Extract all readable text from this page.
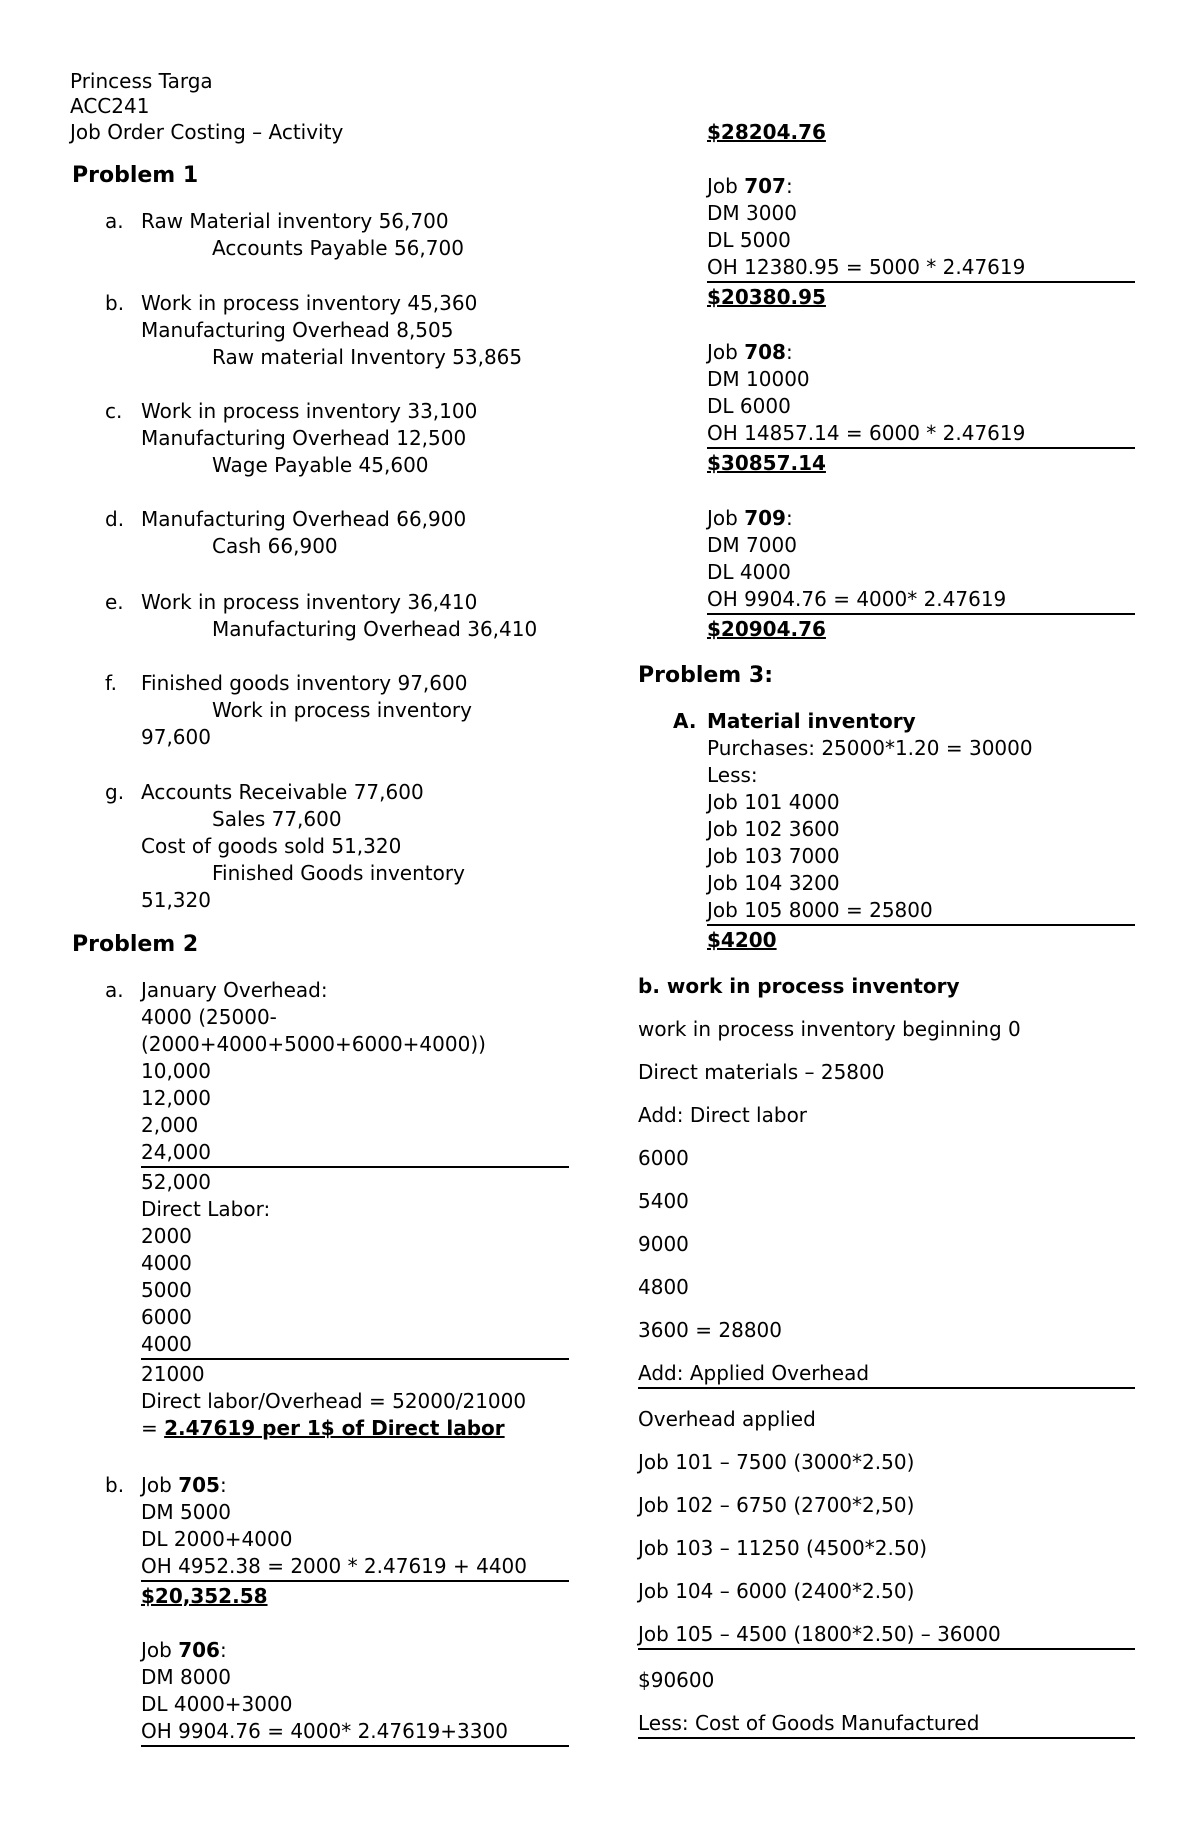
Princess Targa
ACC241
Job Order Costing – Activity
Problem 1
a. Raw Material inventory 56,700
Accounts Payable 56,700
b. Work in process inventory 45,360
Manufacturing Overhead 8,505
Raw material Inventory 53,865
c. Work in process inventory 33,100
Manufacturing Overhead 12,500
Wage Payable 45,600
d. Manufacturing Overhead 66,900
Cash 66,900
e. Work in process inventory 36,410
Manufacturing Overhead 36,410
f. Finished goods inventory 97,600
Work in process inventory
97,600
g. Accounts Receivable 77,600
Sales 77,600
Cost of goods sold 51,320
Finished Goods inventory
51,320
Problem 2
a. January Overhead:
4000 (25000-
(2000+4000+5000+6000+4000))
10,000
12,000
2,000
24,000
52,000
Direct Labor:
2000
4000
5000
6000
4000
21000
Direct labor/Overhead = 52000/21000
= 2.47619 per 1$ of Direct labor
b. Job 705:
DM 5000
DL 2000+4000
OH 4952.38 = 2000 * 2.47619 + 4400
$20,352.58
Job 706:
DM 8000
DL 4000+3000
OH 9904.76 = 4000* 2.47619+3300
$28204.76
Job 707:
DM 3000
DL 5000
OH 12380.95 = 5000 * 2.47619
$20380.95
Job 708:
DM 10000
DL 6000
OH 14857.14 = 6000 * 2.47619
$30857.14
Job 709:
DM 7000
DL 4000
OH 9904.76 = 4000* 2.47619
$20904.76
Problem 3:
A. Material inventory
Purchases: 25000*1.20 = 30000
Less:
Job 101 4000
Job 102 3600
Job 103 7000
Job 104 3200
Job 105 8000 = 25800
$4200
b. work in process inventory
work in process inventory beginning 0
Direct materials – 25800
Add: Direct labor
6000
5400
9000
4800
3600 = 28800
Add: Applied Overhead
Overhead applied
Job 101 – 7500 (3000*2.50)
Job 102 – 6750 (2700*2,50)
Job 103 – 11250 (4500*2.50)
Job 104 – 6000 (2400*2.50)
Job 105 – 4500 (1800*2.50) – 36000
$90600
Less: Cost of Goods Manufactured
